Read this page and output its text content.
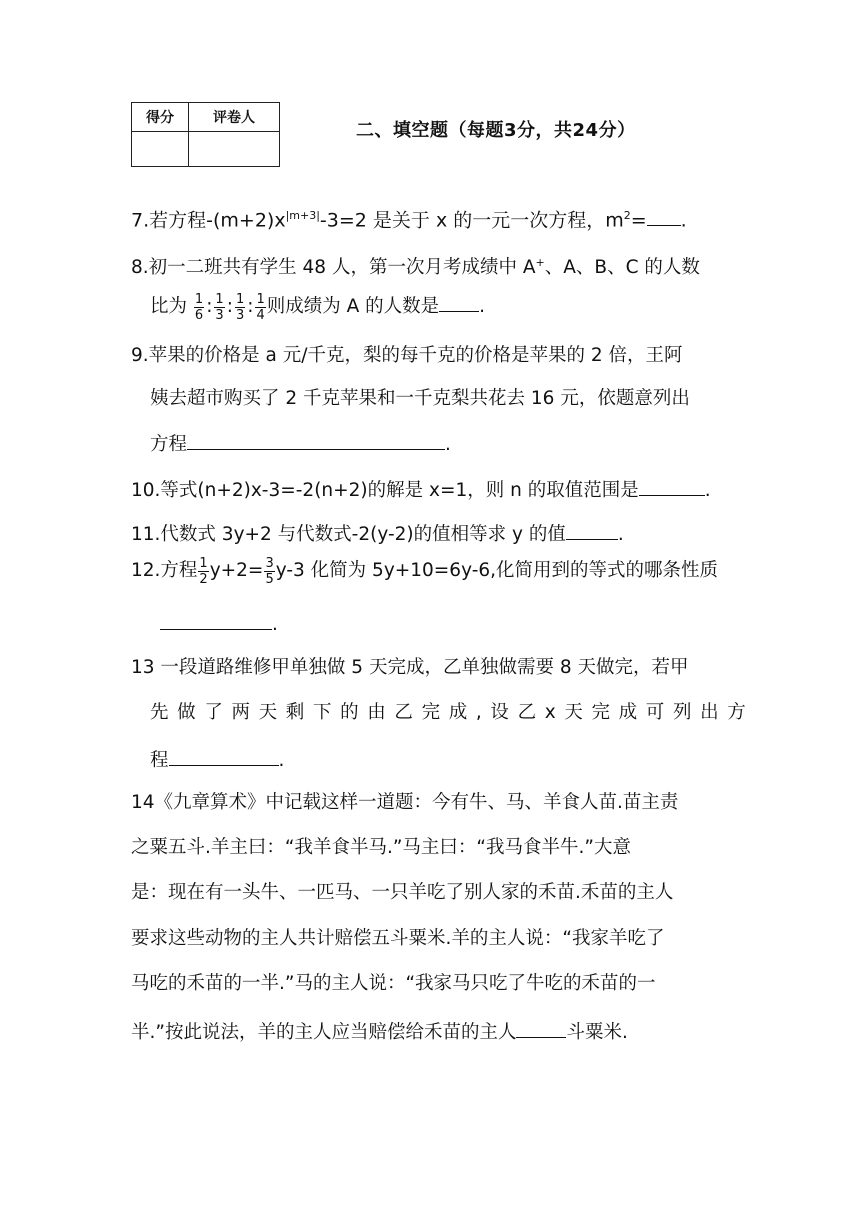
得分	评卷人

二、填空题（每题3分，共24分）
7.若方程$-(m+2)x^{|m+3|}-3=2$ 是关于 x 的一元一次方程，$m^2=$ .
8.初一二班共有学生 48 人，第一次月考成绩中 A+、A、B、C 的人数
比为 $\frac{1}{6}$ : $\frac{1}{3}$ : $\frac{1}{3}$ : $\frac{1}{4}$ 则成绩为 A 的人数是 .
9.苹果的价格是 a 元/千克，梨的每千克的价格是苹果的 2 倍，王阿
姨去超市购买了 2 千克苹果和一千克梨共花去 16 元，依题意列出
方程	.
10.等式(n+2)x-3=-2(n+2)的解是 x=1，则 n 的取值范围是	.
11.代数式 3y+2 与代数式-2(y-2)的值相等求 y 的值	.
12.方程 $\frac{1}{2} y+2= \frac{3}{5} y-3$ 化简为 5y+10=6y-6,化简用到的等式的哪条性质
.
13 一段道路维修甲单独做 5 天完成，乙单独做需要 8 天做完，若甲
先 做 了 两 天 剩 下 的 由 乙 完 成 , 设 乙 x 天 完 成 可 列 出 方
程	.
14《九章算术》中记载这样一道题：今有牛、马、羊食人苗.苗主责
之粟五斗.羊主曰：“我羊食半马.”马主曰：“我马食半牛.”大意
是：现在有一头牛、一匹马、一只羊吃了别人家的禾苗.禾苗的主人
要求这些动物的主人共计赔偿五斗粟米.羊的主人说：“我家羊吃了
马吃的禾苗的一半.”马的主人说：“我家马只吃了牛吃的禾苗的一
半.”按此说法，羊的主人应当赔偿给禾苗的主人	斗粟米.
